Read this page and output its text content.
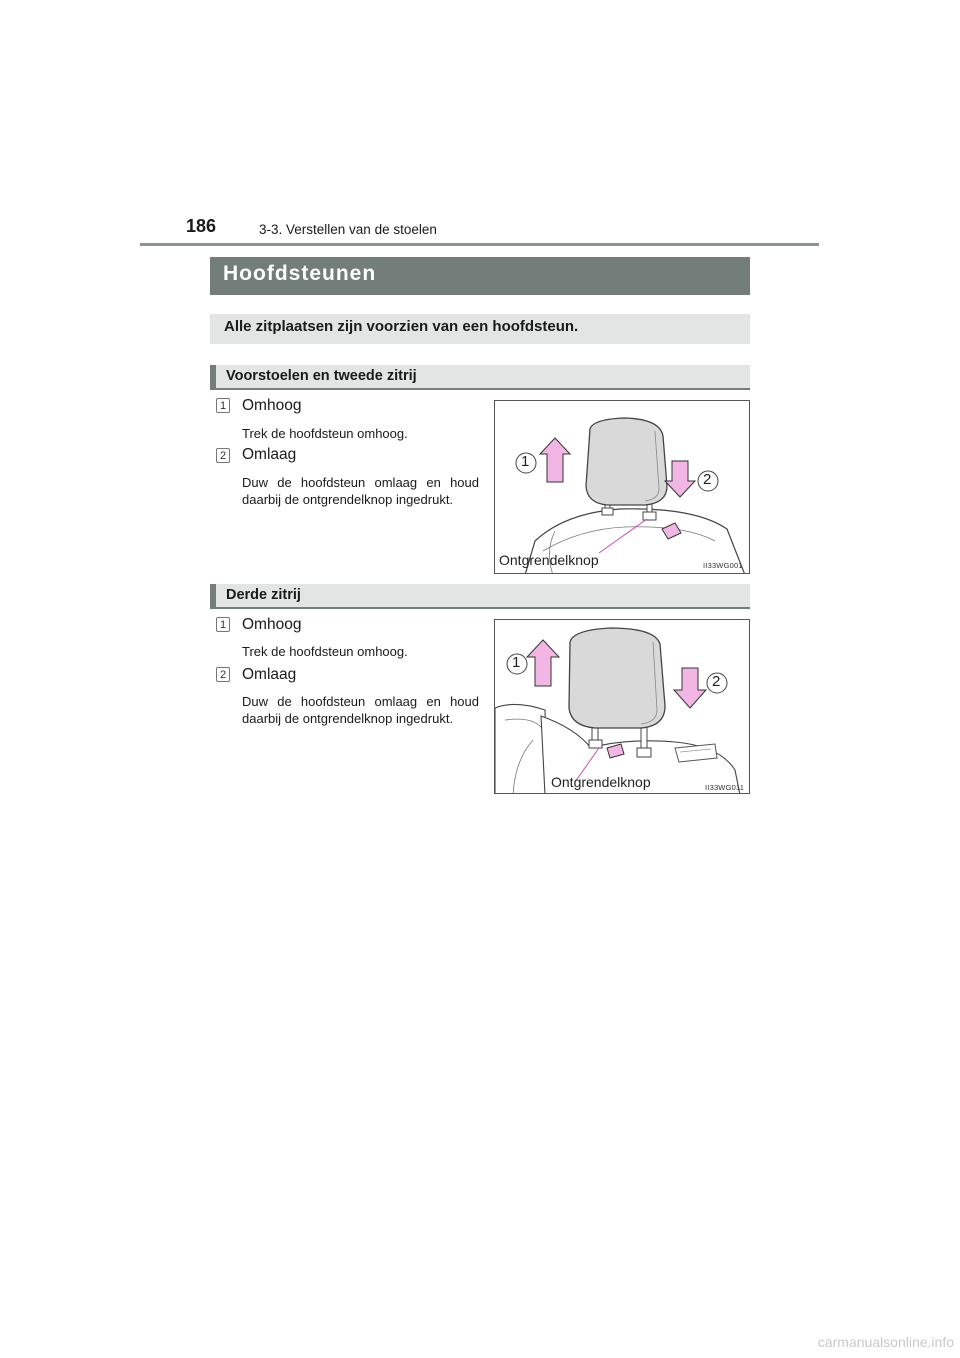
186	3-3. Verstellen van de stoelen
Hoofdsteunen
Alle zitplaatsen zijn voorzien van een hoofdsteun.
Voorstoelen en tweede zitrij
1 Omhoog
Trek de hoofdsteun omhoog.
2 Omlaag
Duw de hoofdsteun omlaag en houd daarbij de ontgrendelknop ingedrukt.
1
2
Ontgrendelknop	II33WG001
Derde zitrij
1 Omhoog
Trek de hoofdsteun omhoog.
2 Omlaag
Duw de hoofdsteun omlaag en houd daarbij de ontgrendelknop ingedrukt.
1
2
Ontgrendelknop	II33WG011
carmanualsonline.info
